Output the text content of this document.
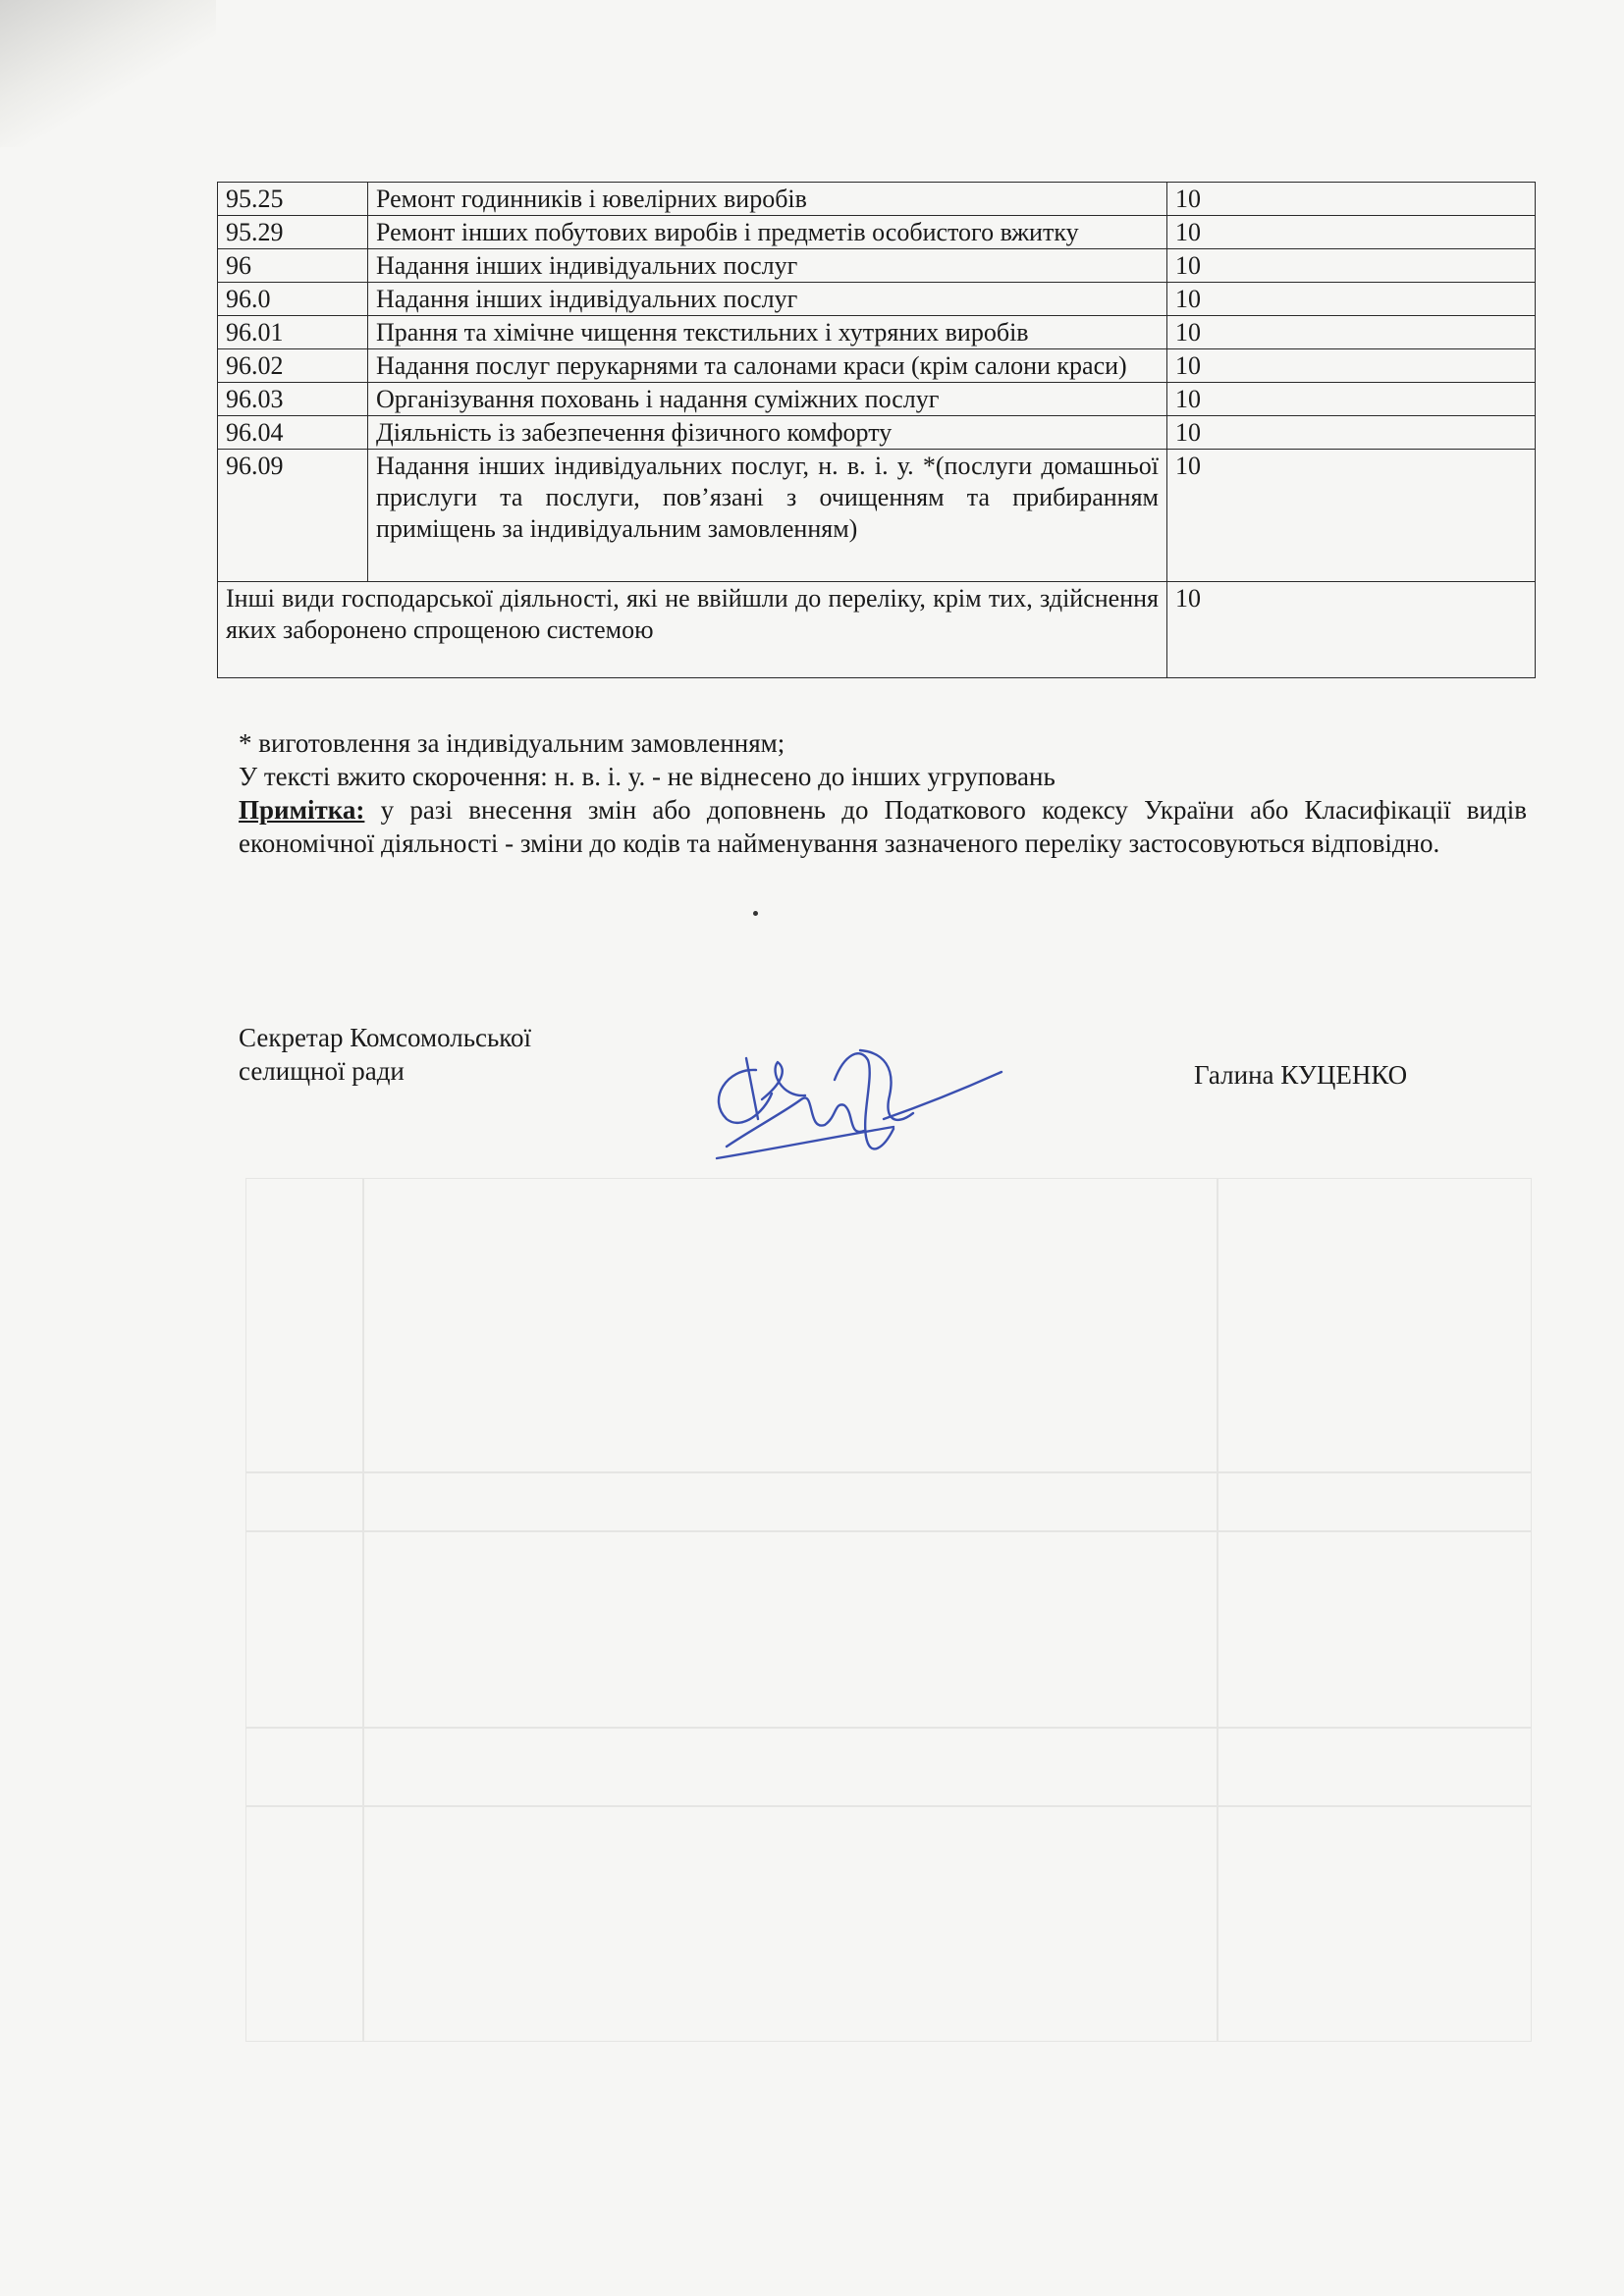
95.25	Ремонт годинників і ювелірних виробів	10
95.29	Ремонт інших побутових виробів і предметів особистого вжитку	10
96	Надання інших індивідуальних послуг	10
96.0	Надання інших індивідуальних послуг	10
96.01	Прання та хімічне чищення текстильних і хутряних виробів	10
96.02	Надання послуг перукарнями та салонами краси (крім салони краси)	10
96.03	Організування поховань і надання суміжних послуг	10
96.04	Діяльність із забезпечення фізичного комфорту	10
96.09	Надання інших індивідуальних послуг, н. в. і. у. *(послуги домашньої прислуги та послуги, пов’язані з очищенням та прибиранням приміщень за індивідуальним замовленням)	10
Інші види господарської діяльності, які не ввійшли до переліку, крім тих, здійснення яких заборонено спрощеною системою		10

* виготовлення за індивідуальним замовленням;

У тексті вжито скорочення: н. в. і. у. - не віднесено до інших угруповань

Примітка: у разі внесення змін або доповнень до Податкового кодексу України або Класифікації видів економічної діяльності - зміни до кодів та найменування зазначеного переліку застосовуються відповідно.

Секретар Комсомольської
селищної ради	Галина КУЦЕНКО
